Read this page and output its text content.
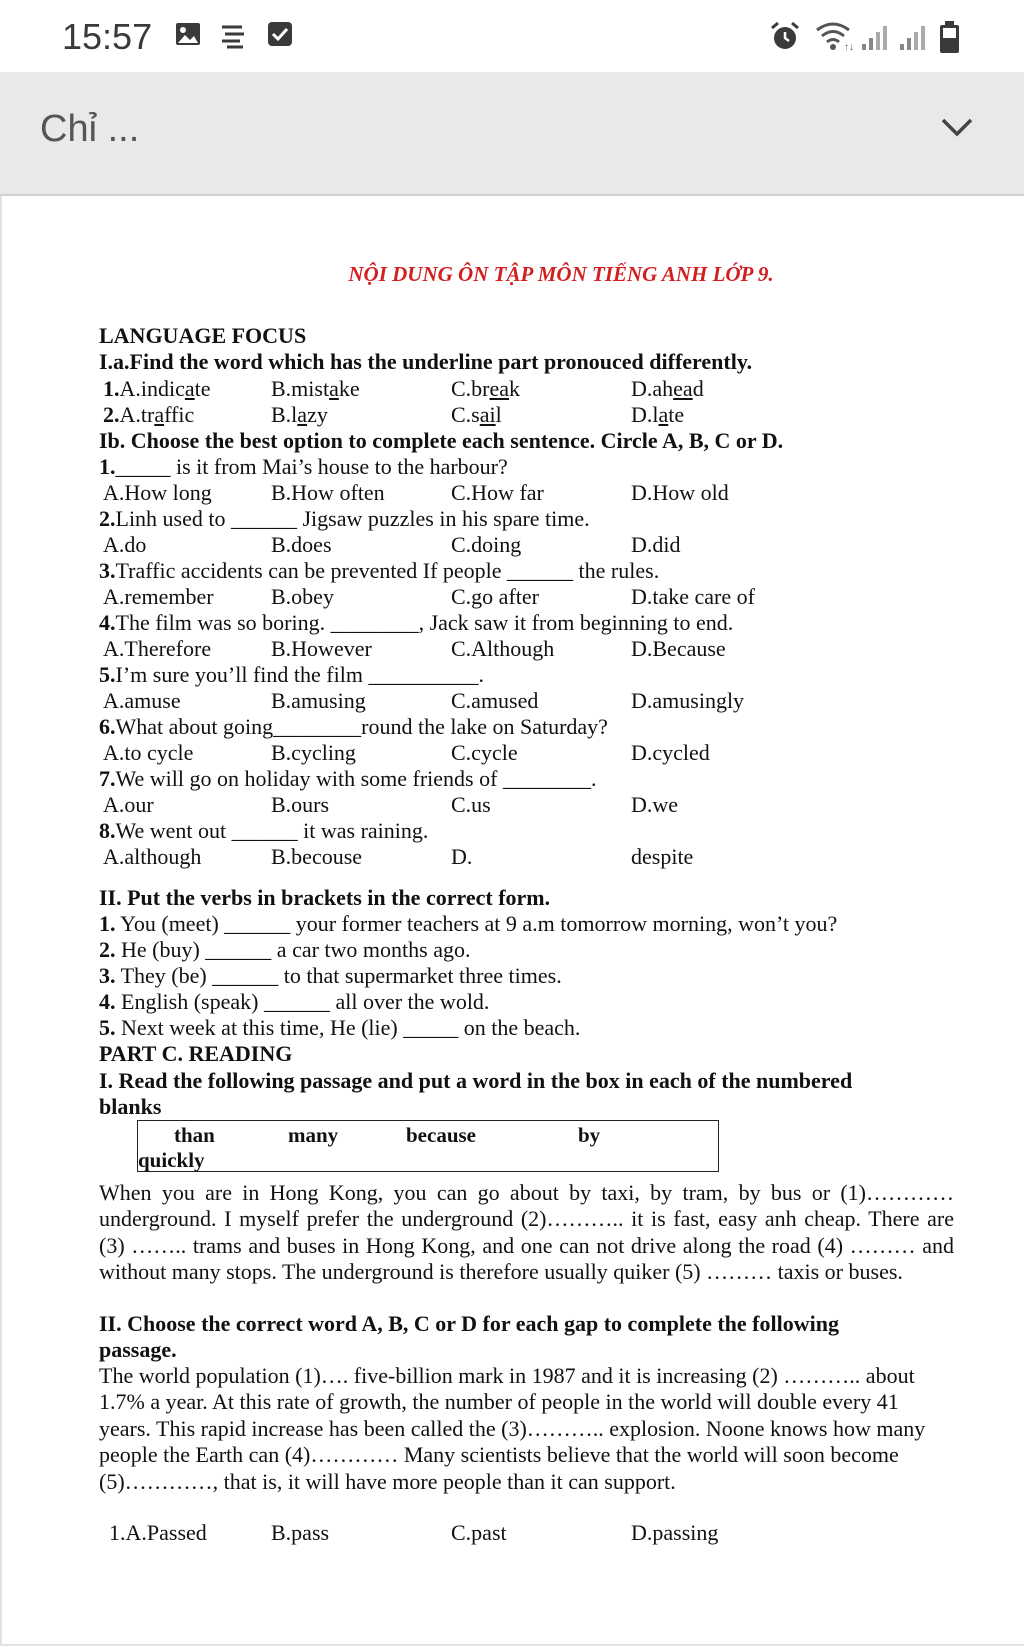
15:57	↑↓
Chỉ ...
NỘI DUNG ÔN TẬP MÔN TIẾNG ANH LỚP 9.
LANGUAGE FOCUS
I.a.Find the word which has the underline part pronouced differently.
1.A.indicate	B.mistake	C.break	D.ahead
2.A.traffic	B.lazy	C.sail	D.late
Ib. Choose the best option to complete each sentence. Circle A, B, C or D.
II. Put the verbs in brackets in the correct form.
1. You (meet) ______ your former teachers at 9 a.m tomorrow morning, won’t you?
2. He (buy) ______ a car two months ago.
3. They (be) ______ to that supermarket three times.
4. English (speak) ______ all over the wold.
5. Next week at this time, He (lie) _____ on the beach.
PART C. READING
I. Read the following passage and put a word in the box in each of the numbered
blanks
than	many	because	by
quickly
When you are in Hong Kong, you can go about by taxi, by tram, by bus or (1)………… underground. I myself prefer the underground (2)……….. it is fast, easy anh cheap. There are (3) …….. trams and buses in Hong Kong, and one can not drive along the road (4) ……… and without many stops. The underground is therefore usually quiker (5) ……… taxis or buses.
II. Choose the correct word A, B, C or D for each gap to complete the following
passage.
The world population (1)…. five-billion mark in 1987 and it is increasing (2) ……….. about 1.7% a year. At this rate of growth, the number of people in the world will double every 41 years. This rapid increase has been called the (3)……….. explosion. Noone knows how many people the Earth can (4)………… Many scientists believe that the world will soon become (5)…………, that is, it will have more people than it can support.
1.A.Passed	B.pass	C.past	D.passing
1._____ is it from Mai’s house to the harbour?
A.How long	B.How often	C.How far	D.How old
2.Linh used to ______ Jigsaw puzzles in his spare time.
A.do	B.does	C.doing	D.did
3.Traffic accidents can be prevented If people ______ the rules.
A.remember	B.obey	C.go after	D.take care of
4.The film was so boring. ________, Jack saw it from beginning to end.
A.Therefore	B.However	C.Although	D.Because
5.I’m sure you’ll find the film __________.
A.amuse	B.amusing	C.amused	D.amusingly
6.What about going________round the lake on Saturday?
A.to cycle	B.cycling	C.cycle	D.cycled
7.We will go on holiday with some friends of ________.
A.our	B.ours	C.us	D.we
8.We went out ______ it was raining.
A.although	B.becouse	D.	despite
